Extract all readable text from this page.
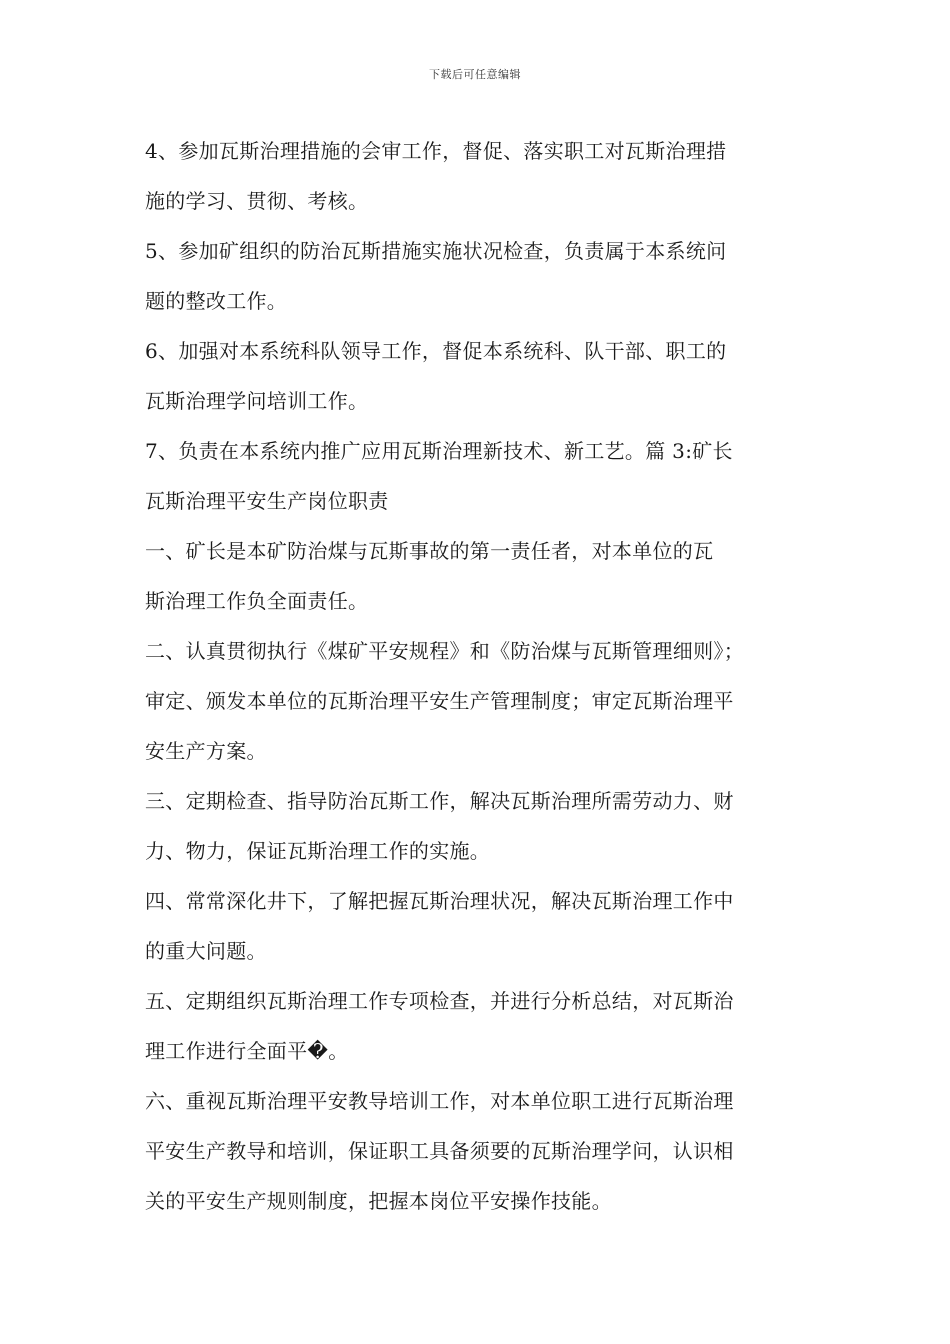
下载后可任意编辑

4、参加瓦斯治理措施的会审工作，督促、落实职工对瓦斯治理措
施的学习、贯彻、考核。

5、参加矿组织的防治瓦斯措施实施状况检查，负责属于本系统问
题的整改工作。

6、加强对本系统科队领导工作，督促本系统科、队干部、职工的
瓦斯治理学问培训工作。

7、负责在本系统内推广应用瓦斯治理新技术、新工艺。篇 3:矿长
瓦斯治理平安生产岗位职责

一、矿长是本矿防治煤与瓦斯事故的第一责任者，对本单位的瓦
斯治理工作负全面责任。

二、认真贯彻执行《煤矿平安规程》和《防治煤与瓦斯管理细则》；
审定、颁发本单位的瓦斯治理平安生产管理制度；审定瓦斯治理平
安生产方案。

三、定期检查、指导防治瓦斯工作，解决瓦斯治理所需劳动力、财
力、物力，保证瓦斯治理工作的实施。

四、常常深化井下，了解把握瓦斯治理状况，解决瓦斯治理工作中
的重大问题。

五、定期组织瓦斯治理工作专项检查，并进行分析总结，对瓦斯治
理工作进行全面平�。

六、重视瓦斯治理平安教导培训工作，对本单位职工进行瓦斯治理
平安生产教导和培训，保证职工具备须要的瓦斯治理学问，认识相
关的平安生产规则制度，把握本岗位平安操作技能。
